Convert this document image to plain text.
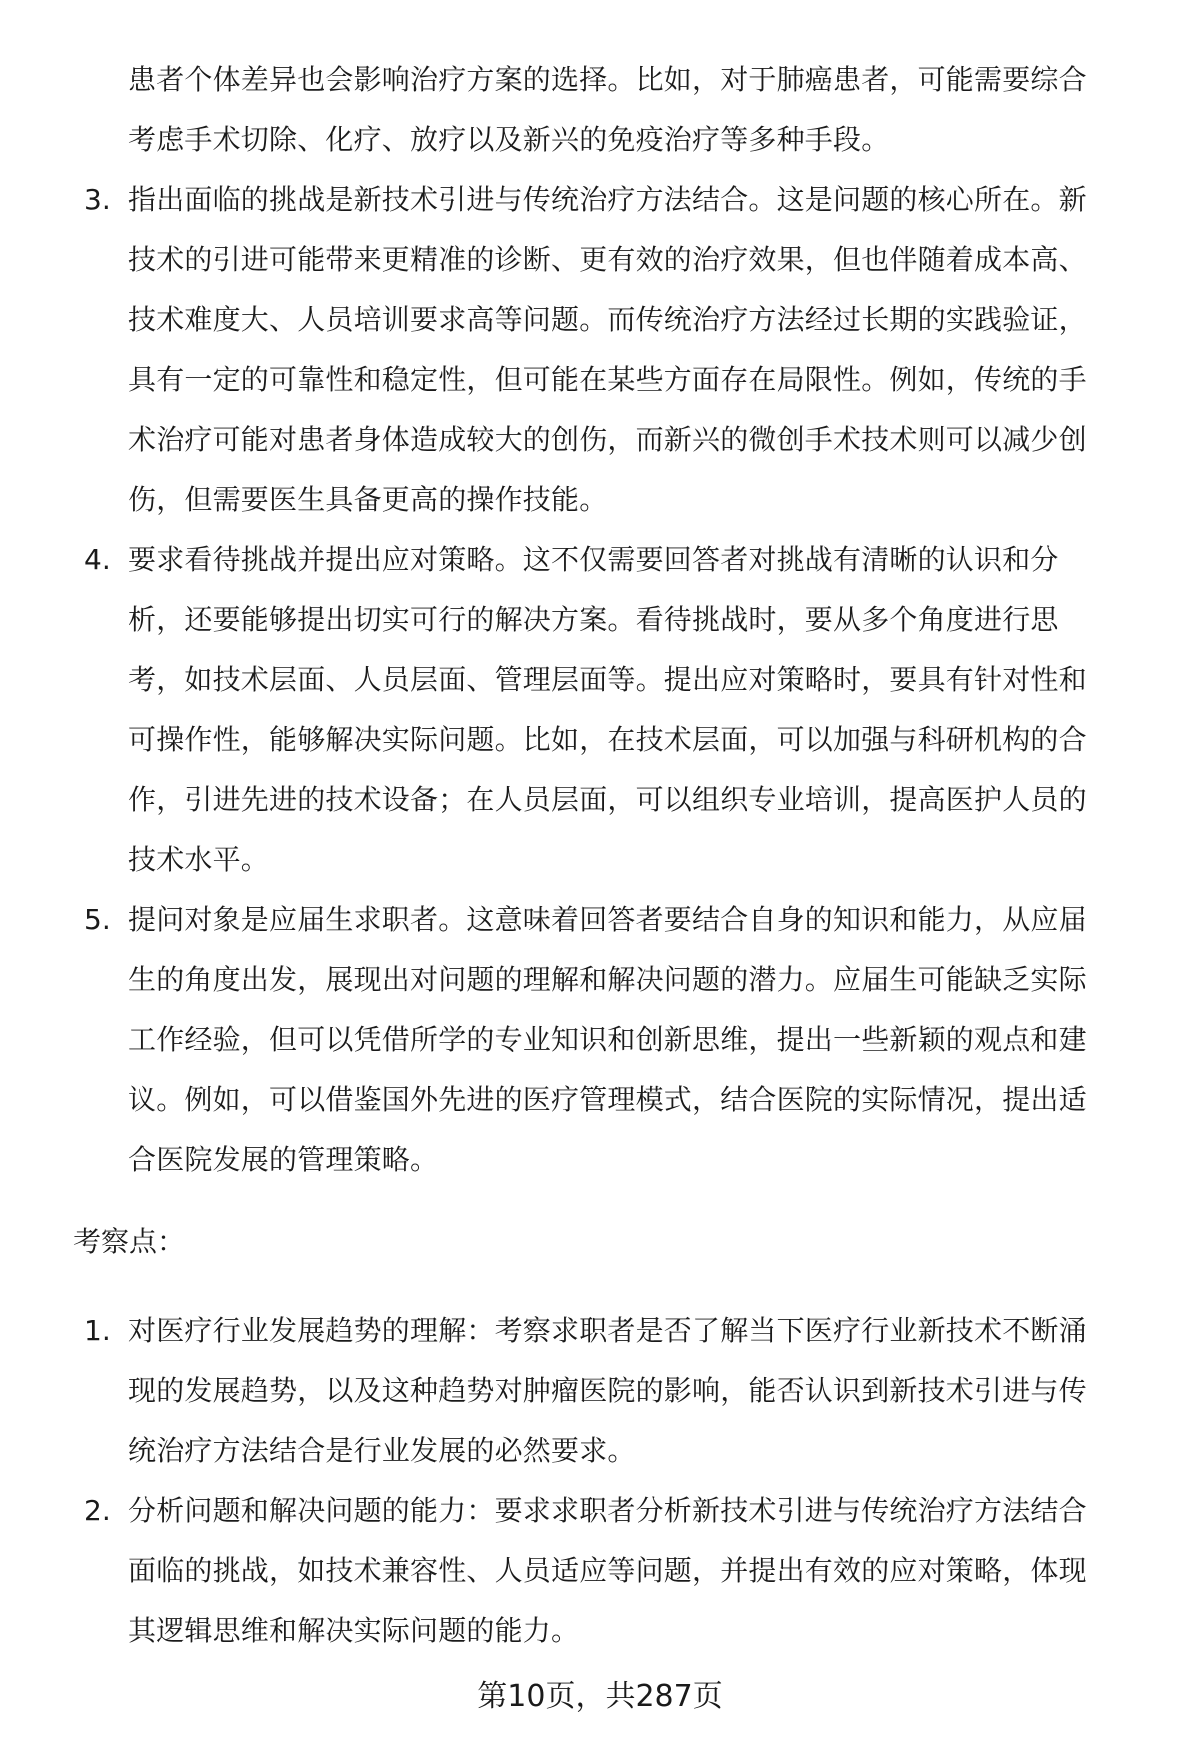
患者个体差异也会影响治疗方案的选择。比如，对于肺癌患者，可能需要综合
考虑手术切除、化疗、放疗以及新兴的免疫治疗等多种手段。
3. 指出面临的挑战是新技术引进与传统治疗方法结合。这是问题的核心所在。新
技术的引进可能带来更精准的诊断、更有效的治疗效果，但也伴随着成本高、
技术难度大、人员培训要求高等问题。而传统治疗方法经过长期的实践验证，
具有一定的可靠性和稳定性，但可能在某些方面存在局限性。例如，传统的手
术治疗可能对患者身体造成较大的创伤，而新兴的微创手术技术则可以减少创
伤，但需要医生具备更高的操作技能。
4. 要求看待挑战并提出应对策略。这不仅需要回答者对挑战有清晰的认识和分
析，还要能够提出切实可行的解决方案。看待挑战时，要从多个角度进行思
考，如技术层面、人员层面、管理层面等。提出应对策略时，要具有针对性和
可操作性，能够解决实际问题。比如，在技术层面，可以加强与科研机构的合
作，引进先进的技术设备；在人员层面，可以组织专业培训，提高医护人员的
技术水平。
5. 提问对象是应届生求职者。这意味着回答者要结合自身的知识和能力，从应届
生的角度出发，展现出对问题的理解和解决问题的潜力。应届生可能缺乏实际
工作经验，但可以凭借所学的专业知识和创新思维，提出一些新颖的观点和建
议。例如，可以借鉴国外先进的医疗管理模式，结合医院的实际情况，提出适
合医院发展的管理策略。
考察点：
1. 对医疗行业发展趋势的理解：考察求职者是否了解当下医疗行业新技术不断涌
现的发展趋势，以及这种趋势对肿瘤医院的影响，能否认识到新技术引进与传
统治疗方法结合是行业发展的必然要求。
2. 分析问题和解决问题的能力：要求求职者分析新技术引进与传统治疗方法结合
面临的挑战，如技术兼容性、人员适应等问题，并提出有效的应对策略，体现
其逻辑思维和解决实际问题的能力。
第10页，共287页
